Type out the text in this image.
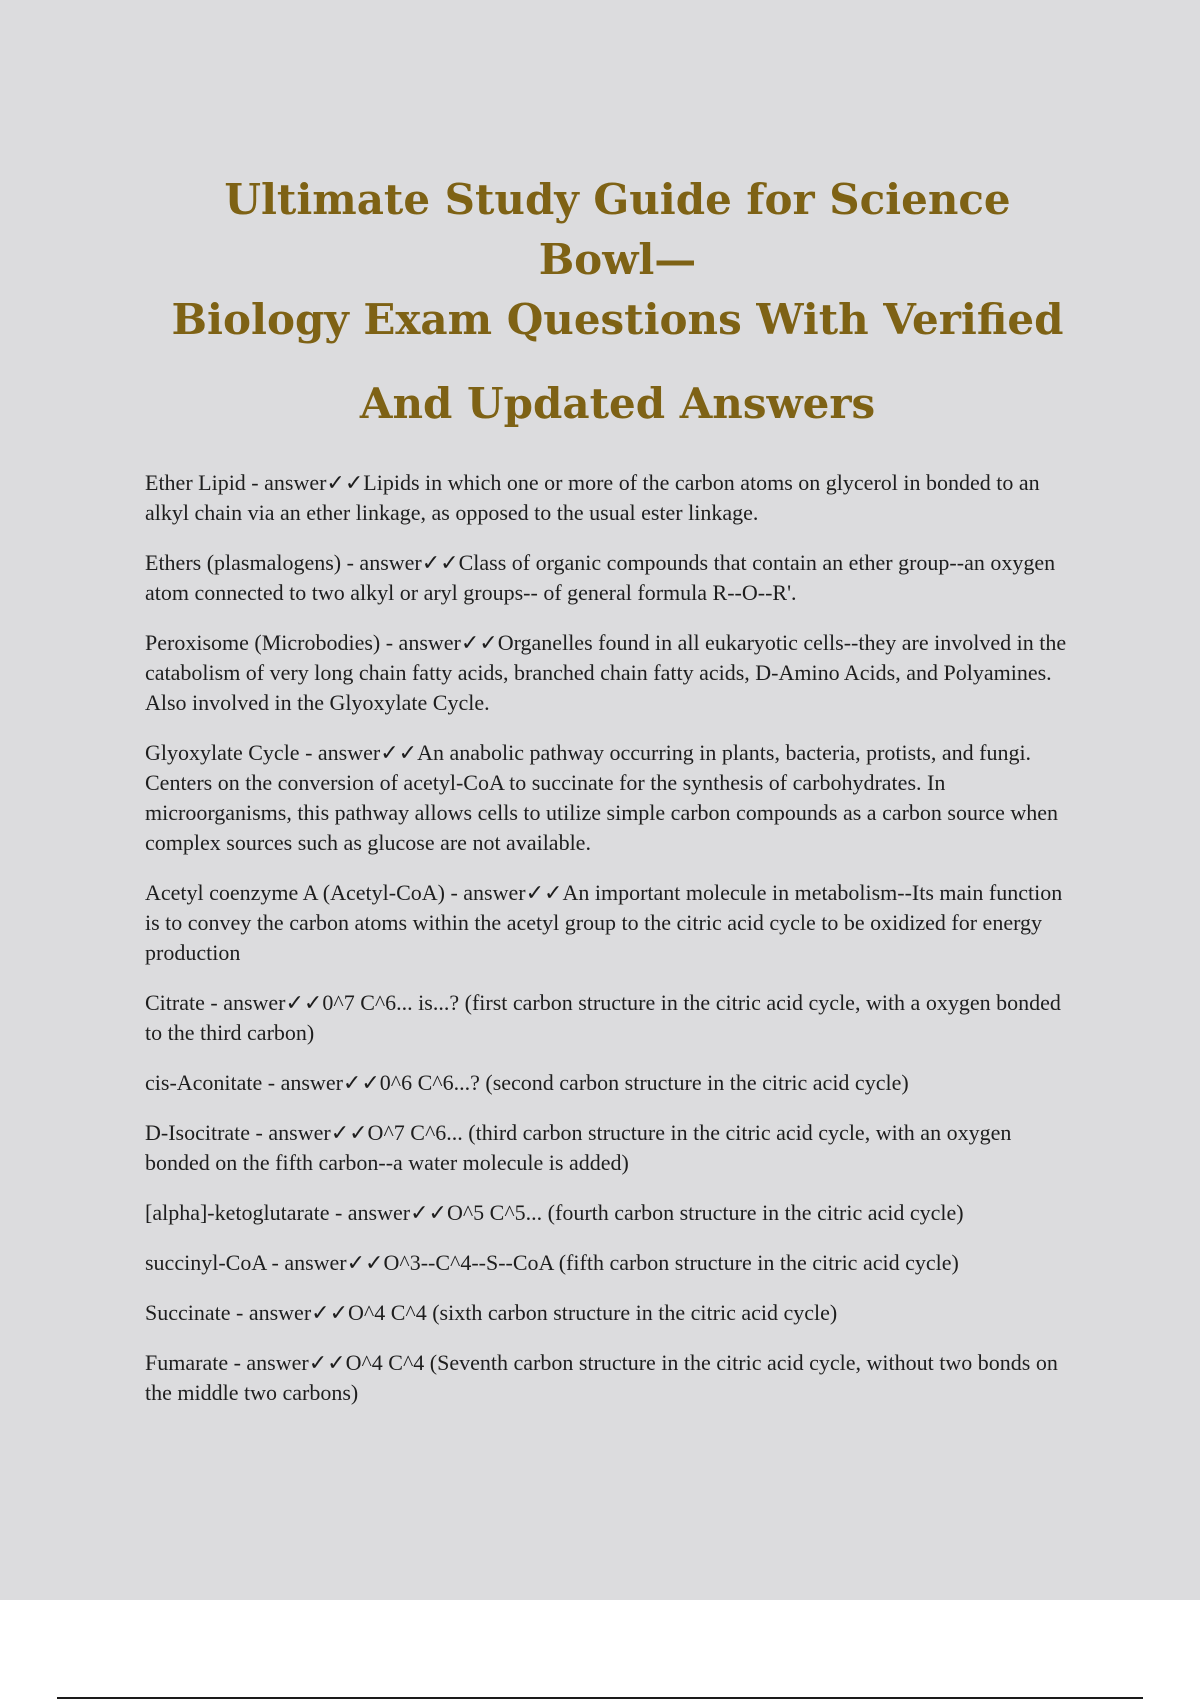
Ultimate Study Guide for Science Bowl—
Biology Exam Questions With Verified
And Updated Answers

Ether Lipid - answer✓✓Lipids in which one or more of the carbon atoms on glycerol in bonded to an alkyl chain via an ether linkage, as opposed to the usual ester linkage.

Ethers (plasmalogens) - answer✓✓Class of organic compounds that contain an ether group--an oxygen atom connected to two alkyl or aryl groups-- of general formula R--O--R'.

Peroxisome (Microbodies) - answer✓✓Organelles found in all eukaryotic cells--they are involved in the catabolism of very long chain fatty acids, branched chain fatty acids, D-Amino Acids, and Polyamines. Also involved in the Glyoxylate Cycle.

Glyoxylate Cycle - answer✓✓An anabolic pathway occurring in plants, bacteria, protists, and fungi. Centers on the conversion of acetyl-CoA to succinate for the synthesis of carbohydrates. In microorganisms, this pathway allows cells to utilize simple carbon compounds as a carbon source when complex sources such as glucose are not available.

Acetyl coenzyme A (Acetyl-CoA) - answer✓✓An important molecule in metabolism--Its main function is to convey the carbon atoms within the acetyl group to the citric acid cycle to be oxidized for energy production

Citrate - answer✓✓0^7 C^6... is...? (first carbon structure in the citric acid cycle, with a oxygen bonded to the third carbon)

cis-Aconitate - answer✓✓0^6 C^6...? (second carbon structure in the citric acid cycle)

D-Isocitrate - answer✓✓O^7 C^6... (third carbon structure in the citric acid cycle, with an oxygen bonded on the fifth carbon--a water molecule is added)

[alpha]-ketoglutarate - answer✓✓O^5 C^5... (fourth carbon structure in the citric acid cycle)

succinyl-CoA - answer✓✓O^3--C^4--S--CoA (fifth carbon structure in the citric acid cycle)

Succinate - answer✓✓O^4 C^4 (sixth carbon structure in the citric acid cycle)

Fumarate - answer✓✓O^4 C^4 (Seventh carbon structure in the citric acid cycle, without two bonds on the middle two carbons)
